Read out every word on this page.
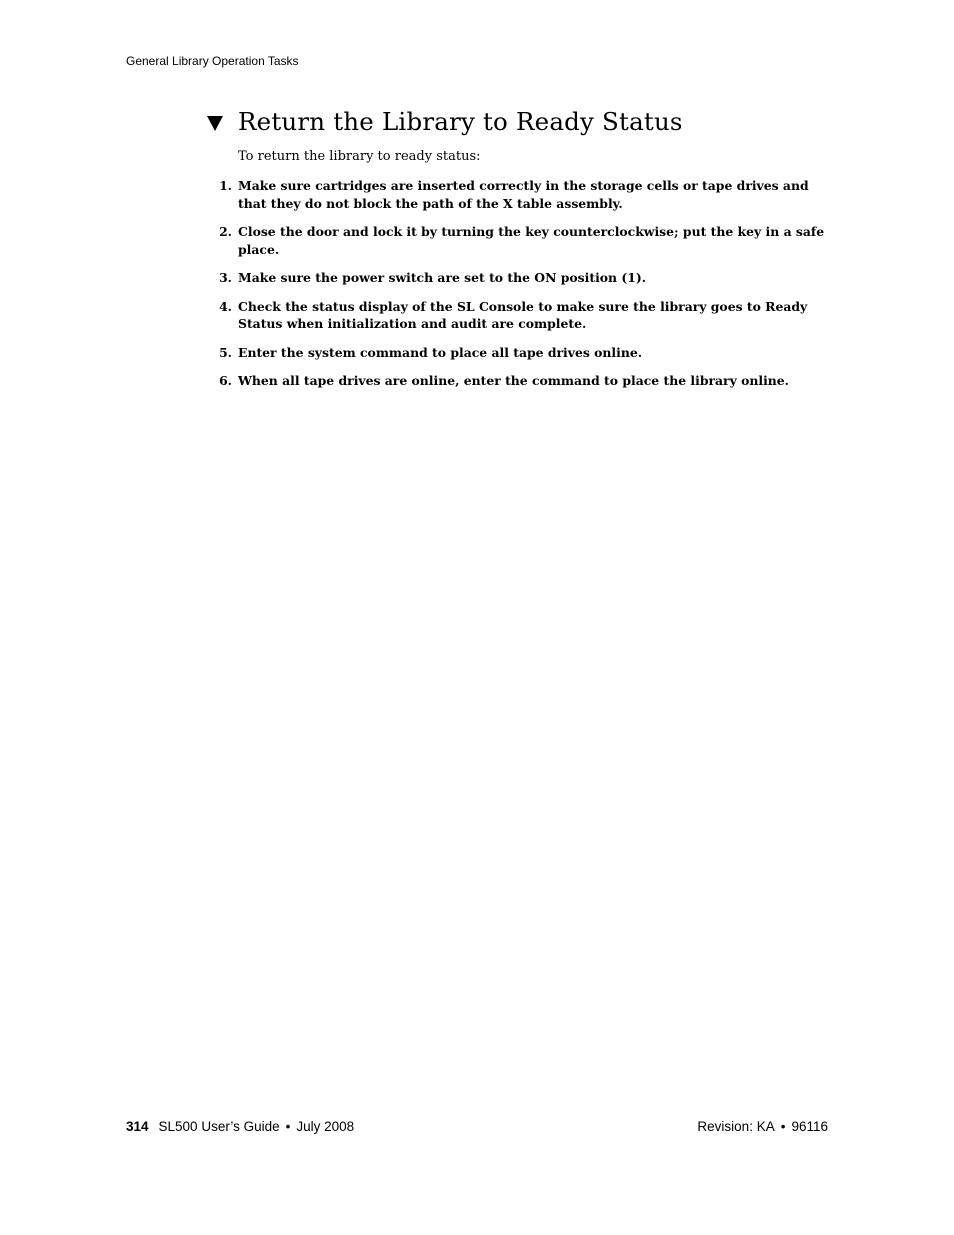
General Library Operation Tasks
Return the Library to Ready Status
To return the library to ready status:
1. Make sure cartridges are inserted correctly in the storage cells or tape drives and that they do not block the path of the X table assembly.
2. Close the door and lock it by turning the key counterclockwise; put the key in a safe place.
3. Make sure the power switch are set to the ON position (1).
4. Check the status display of the SL Console to make sure the library goes to Ready Status when initialization and audit are complete.
5. Enter the system command to place all tape drives online.
6. When all tape drives are online, enter the command to place the library online.
314 SL500 User’s Guide • July 2008	Revision: KA • 96116
